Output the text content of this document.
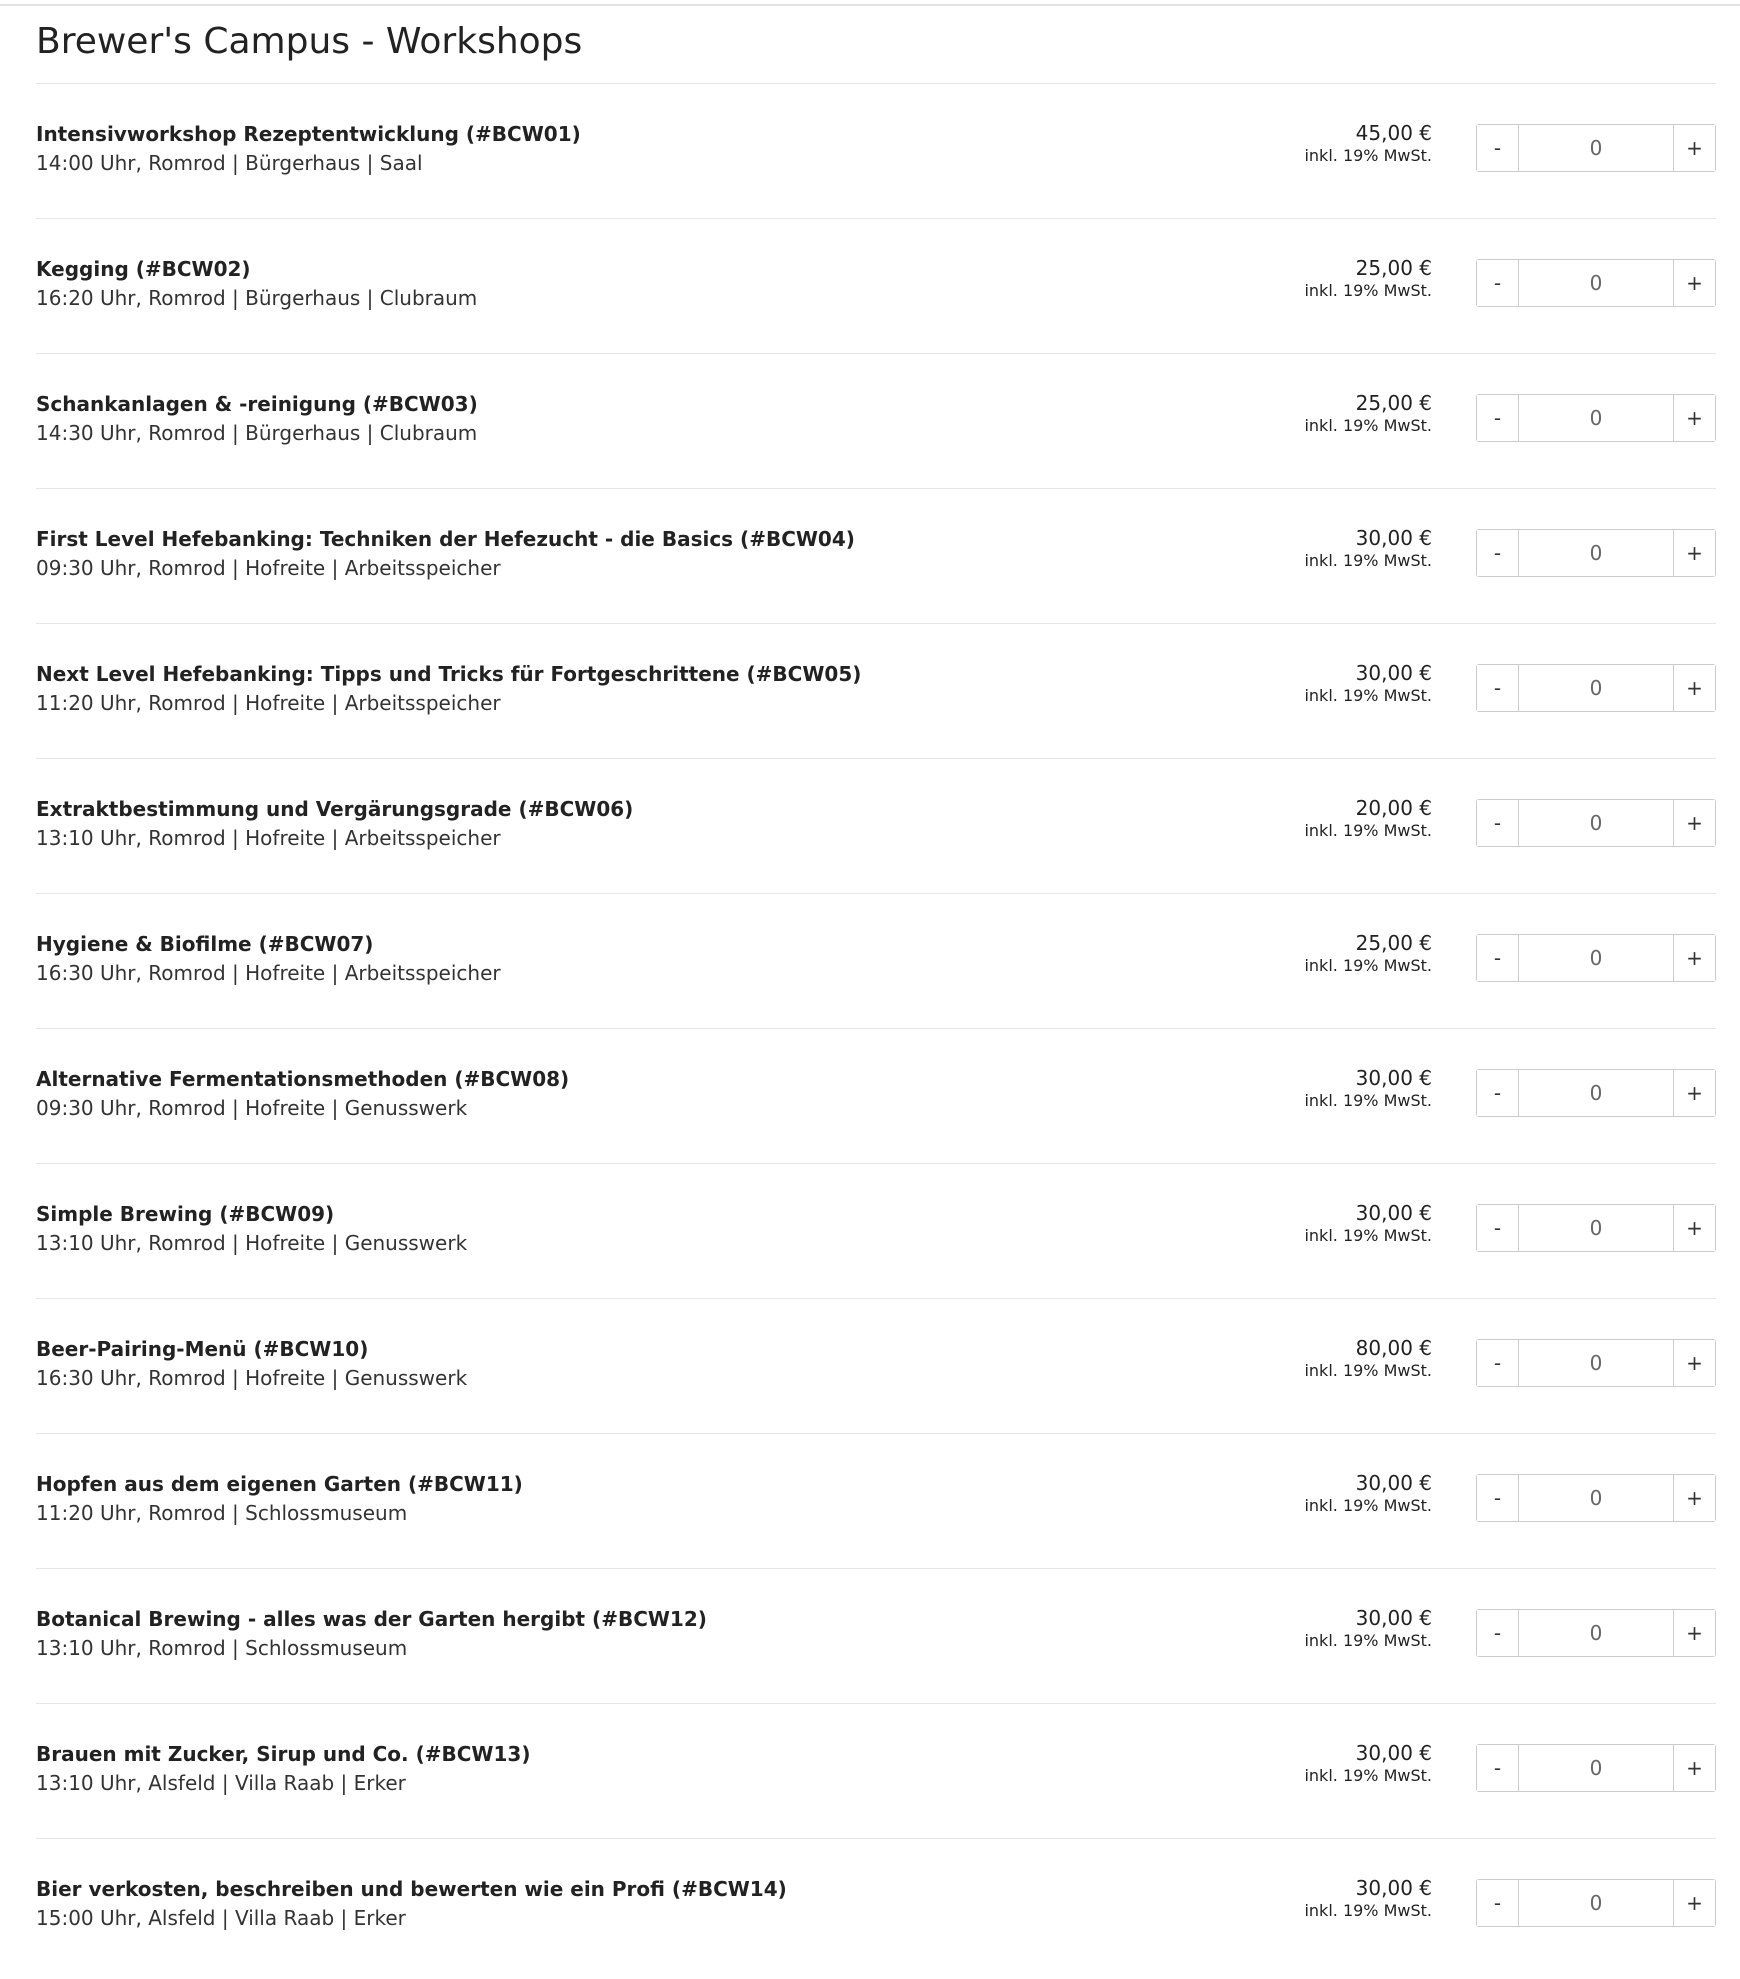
Brewer's Campus - Workshops
Intensivworkshop Rezeptentwicklung (#BCW01)
14:00 Uhr, Romrod | Bürgerhaus | Saal
45,00 €
inkl. 19% MwSt.	-
0	+
Kegging (#BCW02)
16:20 Uhr, Romrod | Bürgerhaus | Clubraum
25,00 €
inkl. 19% MwSt.	-
0	+
Schankanlagen & -reinigung (#BCW03)
14:30 Uhr, Romrod | Bürgerhaus | Clubraum
25,00 €
inkl. 19% MwSt.	-
0	+
First Level Hefebanking: Techniken der Hefezucht - die Basics (#BCW04)
09:30 Uhr, Romrod | Hofreite | Arbeitsspeicher
30,00 €
inkl. 19% MwSt.	-
0	+
Next Level Hefebanking: Tipps und Tricks für Fortgeschrittene (#BCW05)
11:20 Uhr, Romrod | Hofreite | Arbeitsspeicher
30,00 €
inkl. 19% MwSt.	-
0	+
Extraktbestimmung und Vergärungsgrade (#BCW06)
13:10 Uhr, Romrod | Hofreite | Arbeitsspeicher
20,00 €
inkl. 19% MwSt.	-
0	+
Hygiene & Biofilme (#BCW07)
16:30 Uhr, Romrod | Hofreite | Arbeitsspeicher
25,00 €
inkl. 19% MwSt.	-
0	+
Alternative Fermentationsmethoden (#BCW08)
09:30 Uhr, Romrod | Hofreite | Genusswerk
30,00 €
inkl. 19% MwSt.	-
0	+
Simple Brewing (#BCW09)
13:10 Uhr, Romrod | Hofreite | Genusswerk
30,00 €
inkl. 19% MwSt.	-
0	+
Beer-Pairing-Menü (#BCW10)
16:30 Uhr, Romrod | Hofreite | Genusswerk
80,00 €
inkl. 19% MwSt.	-
0	+
Hopfen aus dem eigenen Garten (#BCW11)
11:20 Uhr, Romrod | Schlossmuseum
30,00 €
inkl. 19% MwSt.	-
0	+
Botanical Brewing - alles was der Garten hergibt (#BCW12)
13:10 Uhr, Romrod | Schlossmuseum
30,00 €
inkl. 19% MwSt.	-
0	+
Brauen mit Zucker, Sirup und Co. (#BCW13)
13:10 Uhr, Alsfeld | Villa Raab | Erker
30,00 €
inkl. 19% MwSt.	-
0	+
Bier verkosten, beschreiben und bewerten wie ein Profi (#BCW14)
15:00 Uhr, Alsfeld | Villa Raab | Erker
30,00 €
inkl. 19% MwSt.	-
0	+
